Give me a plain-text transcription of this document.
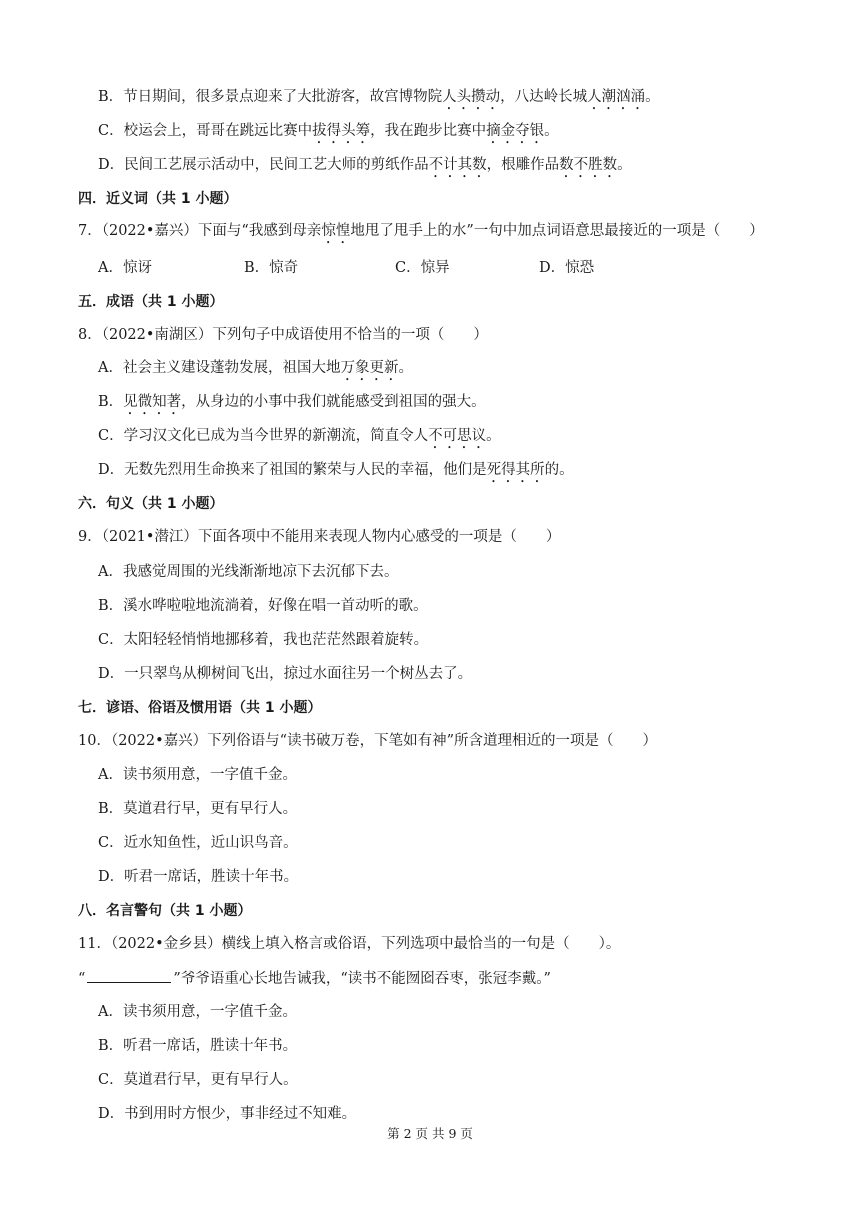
B．节日期间，很多景点迎来了大批游客，故宫博物院人头攒动，八达岭长城人潮汹涌。
C．校运会上，哥哥在跳远比赛中拔得头筹，我在跑步比赛中摘金夺银。
D．民间工艺展示活动中，民间工艺大师的剪纸作品不计其数，根雕作品数不胜数。
四．近义词（共 1 小题）
7．（2022•嘉兴）下面与“我感到母亲惊惶地甩了甩手上的水”一句中加点词语意思最接近的一项是（　　）
A．惊讶	B．惊奇	C．惊异	D．惊恐
五．成语（共 1 小题）
8．（2022•南湖区）下列句子中成语使用不恰当的一项（　　）
A．社会主义建设蓬勃发展，祖国大地万象更新。
B．见微知著，从身边的小事中我们就能感受到祖国的强大。
C．学习汉文化已成为当今世界的新潮流，简直令人不可思议。
D．无数先烈用生命换来了祖国的繁荣与人民的幸福，他们是死得其所的。
六．句义（共 1 小题）
9．（2021•潜江）下面各项中不能用来表现人物内心感受的一项是（　　）
A．我感觉周围的光线渐渐地凉下去沉郁下去。
B．溪水哗啦啦地流淌着，好像在唱一首动听的歌。
C．太阳轻轻悄悄地挪移着，我也茫茫然跟着旋转。
D．一只翠鸟从柳树间飞出，掠过水面往另一个树丛去了。
七．谚语、俗语及惯用语（共 1 小题）
10．（2022•嘉兴）下列俗语与“读书破万卷，下笔如有神”所含道理相近的一项是（　　）
A．读书须用意，一字值千金。
B．莫道君行早，更有早行人。
C．近水知鱼性，近山识鸟音。
D．听君一席话，胜读十年书。
八．名言警句（共 1 小题）
11．（2022•金乡县）横线上填入格言或俗语，下列选项中最恰当的一句是（　　）。
“	”爷爷语重心长地告诫我，“读书不能囫囵吞枣，张冠李戴。”
A．读书须用意，一字值千金。
B．听君一席话，胜读十年书。
C．莫道君行早，更有早行人。
D．书到用时方恨少，事非经过不知难。
第 2 页 共 9 页
